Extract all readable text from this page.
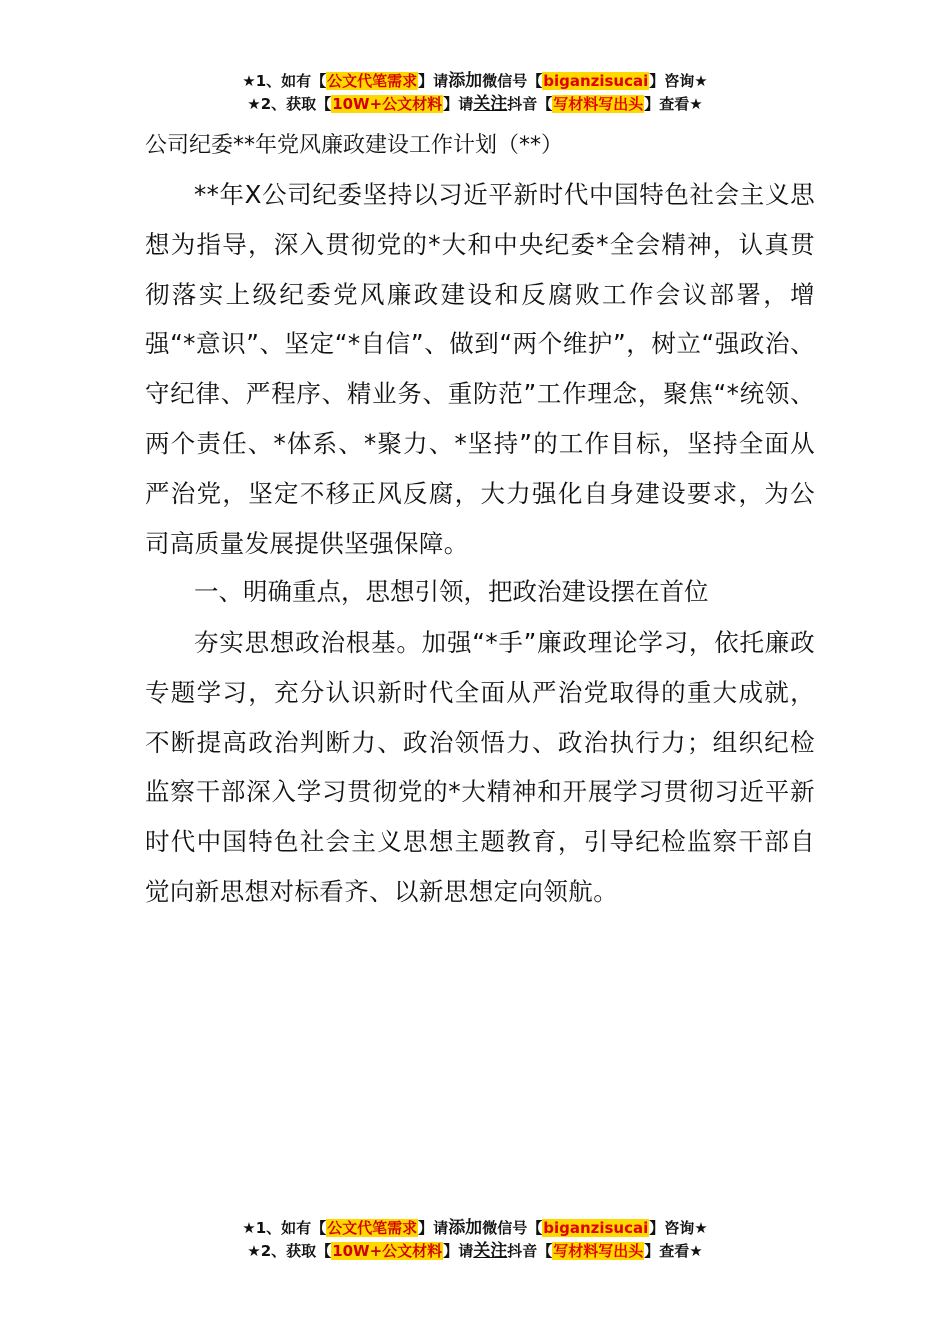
★1、如有【公文代笔需求】请添加微信号【biganzisucai】咨询★
★2、获取【10W+公文材料】请关注抖音【写材料写出头】查看★
公司纪委**年党风廉政建设工作计划（**）

**年X公司纪委坚持以习近平新时代中国特色社会主义思想为指导，深入贯彻党的*大和中央纪委*全会精神，认真贯彻落实上级纪委党风廉政建设和反腐败工作会议部署，增强“*意识”、坚定“*自信”、做到“两个维护”，树立“强政治、守纪律、严程序、精业务、重防范”工作理念，聚焦“*统领、两个责任、*体系、*聚力、*坚持”的工作目标，坚持全面从严治党，坚定不移正风反腐，大力强化自身建设要求，为公司高质量发展提供坚强保障。

一、明确重点，思想引领，把政治建设摆在首位

夯实思想政治根基。加强“*手”廉政理论学习，依托廉政专题学习，充分认识新时代全面从严治党取得的重大成就，不断提高政治判断力、政治领悟力、政治执行力；组织纪检监察干部深入学习贯彻党的*大精神和开展学习贯彻习近平新时代中国特色社会主义思想主题教育，引导纪检监察干部自觉向新思想对标看齐、以新思想定向领航。

★1、如有【公文代笔需求】请添加微信号【biganzisucai】咨询★
★2、获取【10W+公文材料】请关注抖音【写材料写出头】查看★
